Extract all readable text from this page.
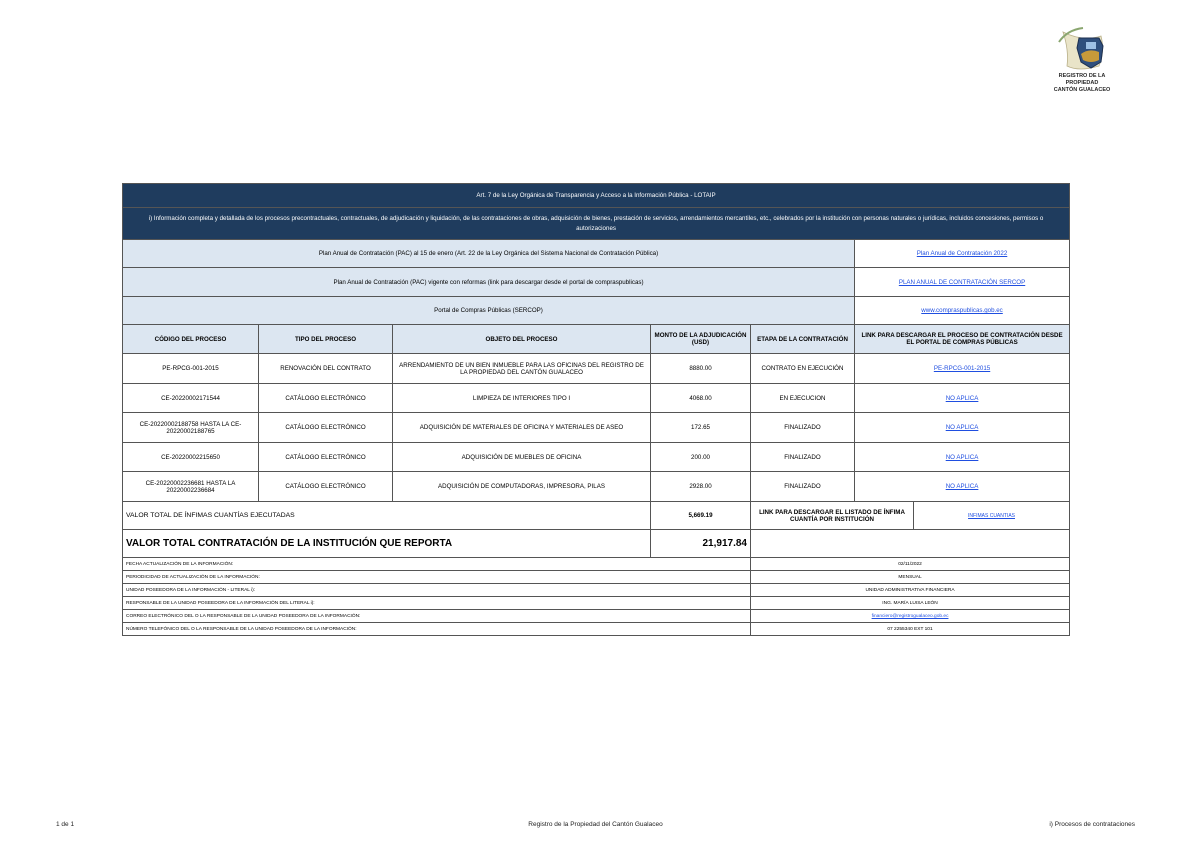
REGISTRO DE LA PROPIEDAD
CANTÓN GUALACEO
Art. 7 de la Ley Orgánica de Transparencia y Acceso a la Información Pública - LOTAIP						
i) Información completa y detallada de los procesos precontractuales, contractuales, de adjudicación y liquidación, de las contrataciones de obras, adquisición de bienes, prestación de servicios, arrendamientos mercantiles, etc., celebrados por la institución con personas naturales o jurídicas, incluidos concesiones, permisos o autorizaciones						
Plan Anual de Contratación (PAC) al 15 de enero (Art. 22 de la Ley Orgánica del Sistema Nacional de Contratación Pública)					Plan Anual de Contratación 2022	
Plan Anual de Contratación (PAC) vigente con reformas (link para descargar desde el portal de compraspublicas)					PLAN ANUAL DE CONTRATACIÓN SERCOP	
Portal de Compras Públicas (SERCOP)					www.compraspublicas.gob.ec	
CÓDIGO DEL PROCESO	TIPO DEL PROCESO	OBJETO DEL PROCESO	MONTO DE LA ADJUDICACIÓN (USD)	ETAPA DE LA CONTRATACIÓN	LINK PARA DESCARGAR EL PROCESO DE CONTRATACIÓN DESDE EL PORTAL DE COMPRAS PÚBLICAS	
PE-RPCG-001-2015	RENOVACIÓN DEL CONTRATO	ARRENDAMIENTO DE UN BIEN INMUEBLE PARA LAS OFICINAS DEL REGISTRO DE LA PROPIEDAD DEL CANTÓN GUALACEO	8880.00	CONTRATO EN EJECUCIÓN	PE-RPCG-001-2015	
CE-20220002171544	CATÁLOGO ELECTRÓNICO	LIMPIEZA DE INTERIORES TIPO I	4068.00	EN EJECUCION	NO APLICA	
CE-20220002188758 HASTA LA CE-20220002188765	CATÁLOGO ELECTRÓNICO	ADQUISICIÓN DE MATERIALES DE OFICINA Y MATERIALES DE ASEO	172.65	FINALIZADO	NO APLICA	
CE-20220002215650	CATÁLOGO ELECTRÓNICO	ADQUISICIÓN DE MUEBLES DE OFICINA	200.00	FINALIZADO	NO APLICA	
CE-20220002236681 HASTA LA 20220002236684	CATÁLOGO ELECTRÓNICO	ADQUISICIÓN DE COMPUTADORAS, IMPRESORA, PILAS	2928.00	FINALIZADO	NO APLICA	
VALOR TOTAL DE ÍNFIMAS CUANTÍAS EJECUTADAS			5,669.19	LINK PARA DESCARGAR EL LISTADO DE ÍNFIMA CUANTÍA POR INSTITUCIÓN		INFIMAS CUANTIAS
VALOR TOTAL CONTRATACIÓN DE LA INSTITUCIÓN QUE REPORTA			21,917.84			
FECHA ACTUALIZACIÓN DE LA INFORMACIÓN:				02/11/2022		
PERIODICIDAD DE ACTUALIZACIÓN DE LA INFORMACIÓN:				MENSUAL		
UNIDAD POSEEDORA DE LA INFORMACIÓN - LITERAL i):				UNIDAD ADMINISTRATIVA FINANCIERA		
RESPONSABLE DE LA UNIDAD POSEEDORA DE LA INFORMACIÓN DEL LITERAL i):				ING. MARÍA LUISA LEÓN		
CORREO ELECTRÓNICO DEL O LA RESPONSABLE DE LA UNIDAD POSEEDORA DE LA INFORMACIÓN:				financiero@registrogualaceo.gob.ec		
NÚMERO TELEFÓNICO DEL O LA RESPONSABLE DE LA UNIDAD POSEEDORA DE LA INFORMACIÓN:				07 2255340 EXT 101		
1 de 1	Registro de la Propiedad del Cantón Gualaceo	i) Procesos de contrataciones
